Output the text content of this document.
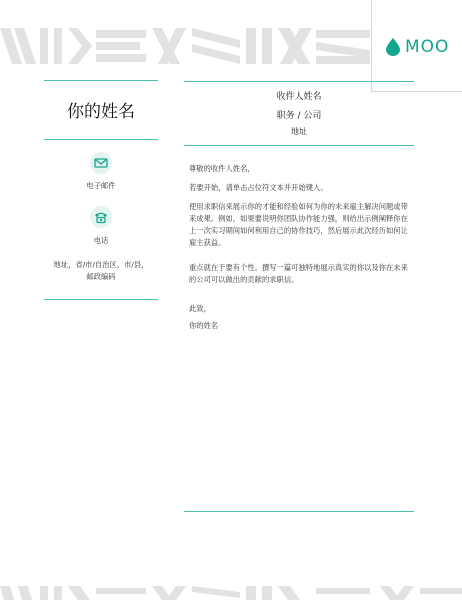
MOO
你的姓名
电子邮件
电话
地址，省/市/自治区，市/县，邮政编码
收件人姓名
职务 / 公司
地址
尊敬的收件人姓名，
若要开始，请单击占位符文本并开始键入。
使用求职信来展示你的才能和经验如何为你的未来雇主解决问题或带来成果。例如，如果要说明你团队协作能力强，则给出示例阐释你在上一次实习期间如何利用自己的协作技巧，然后展示此次经历如何让雇主获益。
重点就在于要有个性。撰写一篇可独特地展示真实的你以及你在未来的公司可以做出的贡献的求职信。
此致，
你的姓名
